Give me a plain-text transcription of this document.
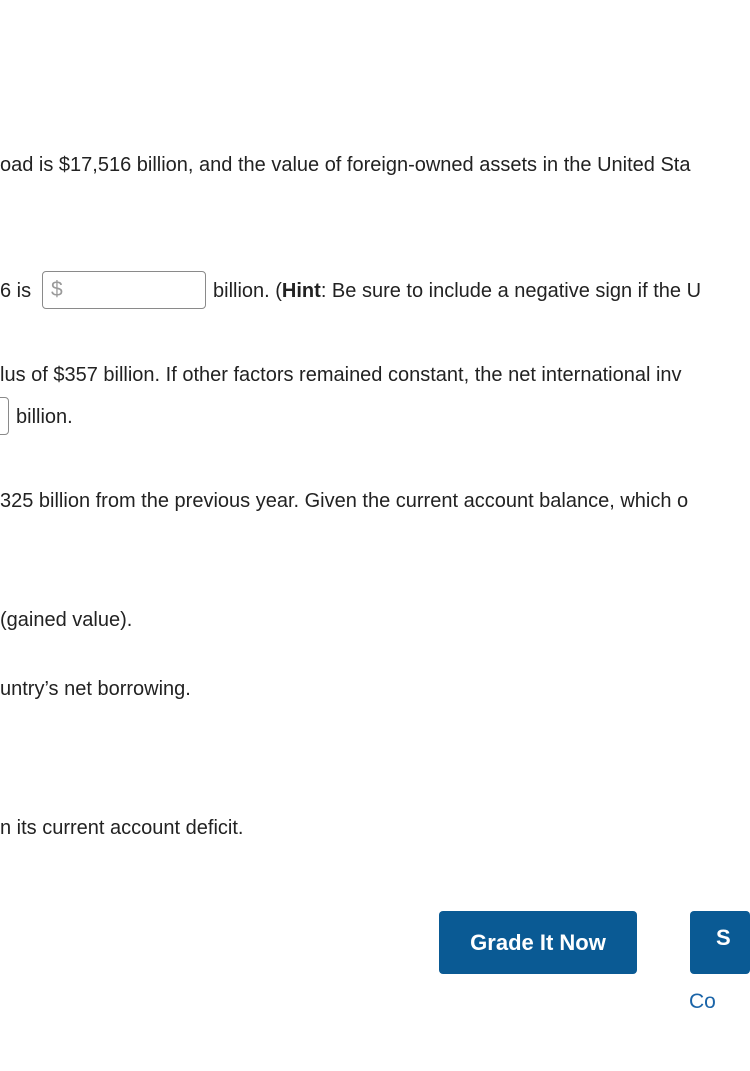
oad is $17,516 billion, and the value of foreign-owned assets in the United Sta
6 is $	billion. (Hint: Be sure to include a negative sign if the U
lus of $357 billion. If other factors remained constant, the net international inv
billion.
325 billion from the previous year. Given the current account balance, which o
(gained value).
untry’s net borrowing.
n its current account deficit.
Grade It Now	S
Co
